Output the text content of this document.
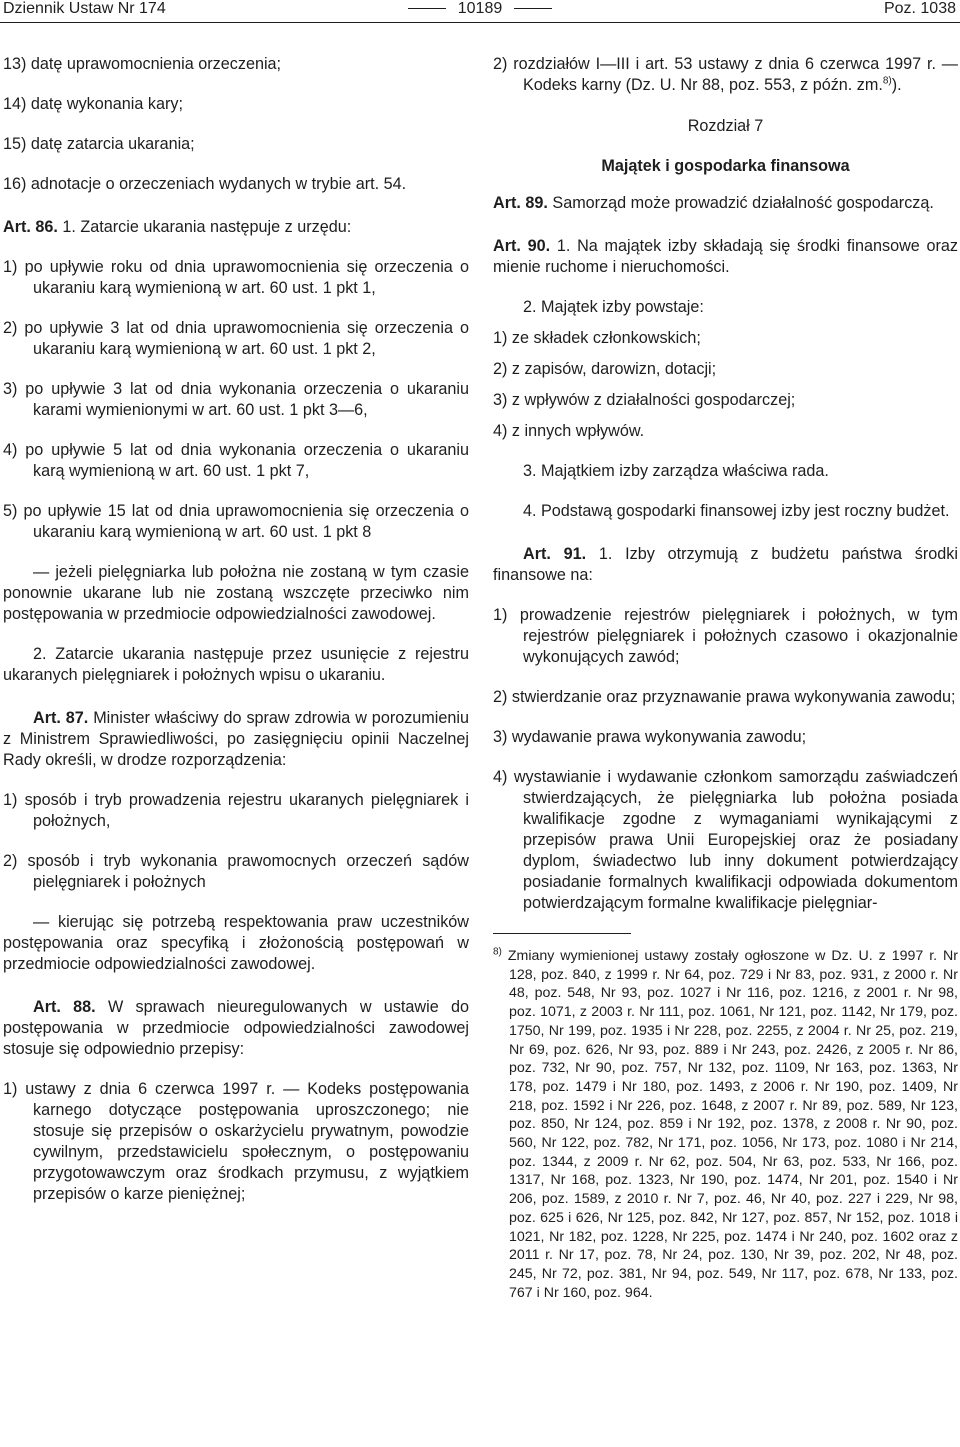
Dziennik Ustaw Nr 174	10189	Poz. 1038

13) datę uprawomocnienia orzeczenia;

14) datę wykonania kary;

15) datę zatarcia ukarania;

16) adnotacje o orzeczeniach wydanych w trybie art. 54.

Art. 86. 1. Zatarcie ukarania następuje z urzędu:

1) po upływie roku od dnia uprawomocnienia się orzeczenia o ukaraniu karą wymienioną w art. 60 ust. 1 pkt 1,

2) po upływie 3 lat od dnia uprawomocnienia się orzeczenia o ukaraniu karą wymienioną w art. 60 ust. 1 pkt 2,

3) po upływie 3 lat od dnia wykonania orzeczenia o ukaraniu karami wymienionymi w art. 60 ust. 1 pkt 3—6,

4) po upływie 5 lat od dnia wykonania orzeczenia o ukaraniu karą wymienioną w art. 60 ust. 1 pkt 7,

5) po upływie 15 lat od dnia uprawomocnienia się orzeczenia o ukaraniu karą wymienioną w art. 60 ust. 1 pkt 8

— jeżeli pielęgniarka lub położna nie zostaną w tym czasie ponownie ukarane lub nie zostaną wszczęte przeciwko nim postępowania w przedmiocie odpowiedzialności zawodowej.

2. Zatarcie ukarania następuje przez usunięcie z rejestru ukaranych pielęgniarek i położnych wpisu o ukaraniu.

Art. 87. Minister właściwy do spraw zdrowia w porozumieniu z Ministrem Sprawiedliwości, po zasięgnięciu opinii Naczelnej Rady określi, w drodze rozporządzenia:

1) sposób i tryb prowadzenia rejestru ukaranych pielęgniarek i położnych,

2) sposób i tryb wykonania prawomocnych orzeczeń sądów pielęgniarek i położnych

— kierując się potrzebą respektowania praw uczestników postępowania oraz specyfiką i złożonością postępowań w przedmiocie odpowiedzialności zawodowej.

Art. 88. W sprawach nieuregulowanych w ustawie do postępowania w przedmiocie odpowiedzialności zawodowej stosuje się odpowiednio przepisy:

1) ustawy z dnia 6 czerwca 1997 r. — Kodeks postępowania karnego dotyczące postępowania uproszczonego; nie stosuje się przepisów o oskarżycielu prywatnym, powodzie cywilnym, przedstawicielu społecznym, o postępowaniu przygotowawczym oraz środkach przymusu, z wyjątkiem przepisów o karze pieniężnej;

2) rozdziałów I—III i art. 53 ustawy z dnia 6 czerwca 1997 r. — Kodeks karny (Dz. U. Nr 88, poz. 553, z późn. zm.$^{8)}$).

Rozdział 7

Majątek i gospodarka finansowa

Art. 89. Samorząd może prowadzić działalność gospodarczą.

Art. 90. 1. Na majątek izby składają się środki finansowe oraz mienie ruchome i nieruchomości.

2. Majątek izby powstaje:

1) ze składek członkowskich;

2) z zapisów, darowizn, dotacji;

3) z wpływów z działalności gospodarczej;

4) z innych wpływów.

3. Majątkiem izby zarządza właściwa rada.

4. Podstawą gospodarki finansowej izby jest roczny budżet.

Art. 91. 1. Izby otrzymują z budżetu państwa środki finansowe na:

1) prowadzenie rejestrów pielęgniarek i położnych, w tym rejestrów pielęgniarek i położnych czasowo i okazjonalnie wykonujących zawód;

2) stwierdzanie oraz przyznawanie prawa wykonywania zawodu;

3) wydawanie prawa wykonywania zawodu;

4) wystawianie i wydawanie członkom samorządu zaświadczeń stwierdzających, że pielęgniarka lub położna posiada kwalifikacje zgodne z wymaganiami wynikającymi z przepisów prawa Unii Europejskiej oraz że posiadany dyplom, świadectwo lub inny dokument potwierdzający posiadanie formalnych kwalifikacji odpowiada dokumentom potwierdzającym formalne kwalifikacje pielęgniar-

$^{8)}$ Zmiany wymienionej ustawy zostały ogłoszone w Dz. U. z 1997 r. Nr 128, poz. 840, z 1999 r. Nr 64, poz. 729 i Nr 83, poz. 931, z 2000 r. Nr 48, poz. 548, Nr 93, poz. 1027 i Nr 116, poz. 1216, z 2001 r. Nr 98, poz. 1071, z 2003 r. Nr 111, poz. 1061, Nr 121, poz. 1142, Nr 179, poz. 1750, Nr 199, poz. 1935 i Nr 228, poz. 2255, z 2004 r. Nr 25, poz. 219, Nr 69, poz. 626, Nr 93, poz. 889 i Nr 243, poz. 2426, z 2005 r. Nr 86, poz. 732, Nr 90, poz. 757, Nr 132, poz. 1109, Nr 163, poz. 1363, Nr 178, poz. 1479 i Nr 180, poz. 1493, z 2006 r. Nr 190, poz. 1409, Nr 218, poz. 1592 i Nr 226, poz. 1648, z 2007 r. Nr 89, poz. 589, Nr 123, poz. 850, Nr 124, poz. 859 i Nr 192, poz. 1378, z 2008 r. Nr 90, poz. 560, Nr 122, poz. 782, Nr 171, poz. 1056, Nr 173, poz. 1080 i Nr 214, poz. 1344, z 2009 r. Nr 62, poz. 504, Nr 63, poz. 533, Nr 166, poz. 1317, Nr 168, poz. 1323, Nr 190, poz. 1474, Nr 201, poz. 1540 i Nr 206, poz. 1589, z 2010 r. Nr 7, poz. 46, Nr 40, poz. 227 i 229, Nr 98, poz. 625 i 626, Nr 125, poz. 842, Nr 127, poz. 857, Nr 152, poz. 1018 i 1021, Nr 182, poz. 1228, Nr 225, poz. 1474 i Nr 240, poz. 1602 oraz z 2011 r. Nr 17, poz. 78, Nr 24, poz. 130, Nr 39, poz. 202, Nr 48, poz. 245, Nr 72, poz. 381, Nr 94, poz. 549, Nr 117, poz. 678, Nr 133, poz. 767 i Nr 160, poz. 964.
